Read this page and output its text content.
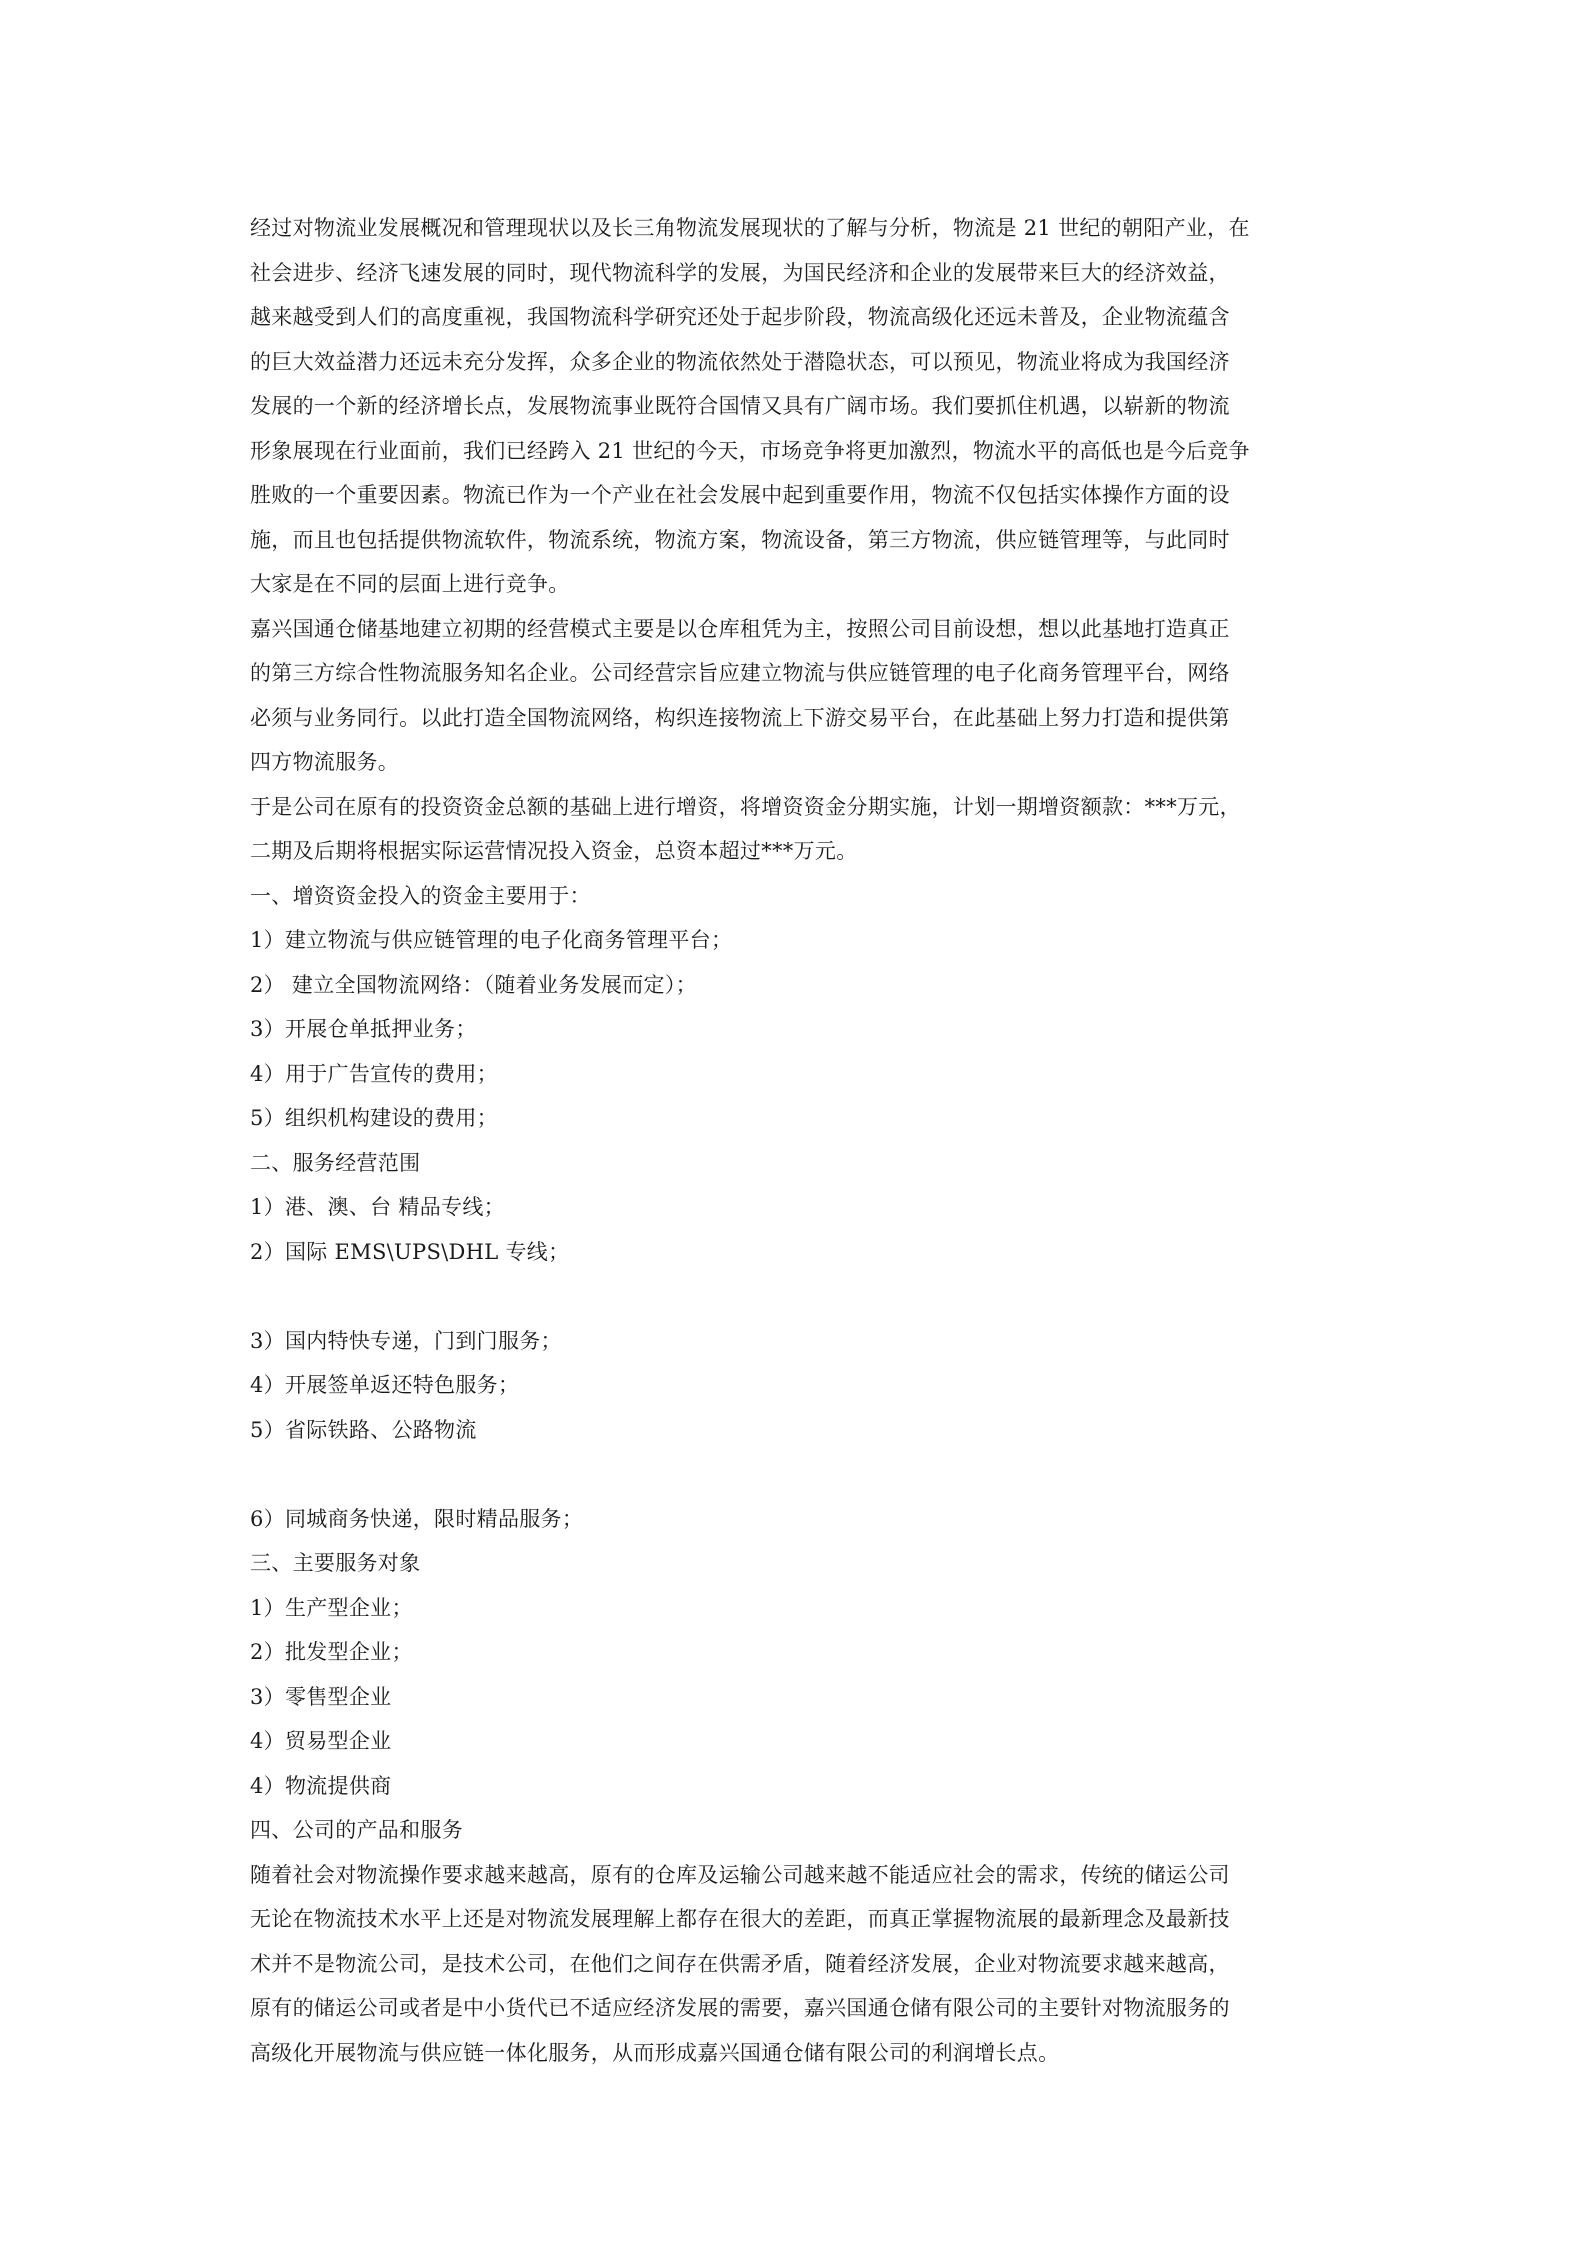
经过对物流业发展概况和管理现状以及长三角物流发展现状的了解与分析，物流是 21 世纪的朝阳产业，在
社会进步、经济飞速发展的同时，现代物流科学的发展，为国民经济和企业的发展带来巨大的经济效益，
越来越受到人们的高度重视，我国物流科学研究还处于起步阶段，物流高级化还远未普及，企业物流蕴含
的巨大效益潜力还远未充分发挥，众多企业的物流依然处于潜隐状态，可以预见，物流业将成为我国经济
发展的一个新的经济增长点，发展物流事业既符合国情又具有广阔市场。我们要抓住机遇，以崭新的物流
形象展现在行业面前，我们已经跨入 21 世纪的今天，市场竞争将更加激烈，物流水平的高低也是今后竞争
胜败的一个重要因素。物流已作为一个产业在社会发展中起到重要作用，物流不仅包括实体操作方面的设
施，而且也包括提供物流软件，物流系统，物流方案，物流设备，第三方物流，供应链管理等，与此同时
大家是在不同的层面上进行竞争。
嘉兴国通仓储基地建立初期的经营模式主要是以仓库租凭为主，按照公司目前设想，想以此基地打造真正
的第三方综合性物流服务知名企业。公司经营宗旨应建立物流与供应链管理的电子化商务管理平台，网络
必须与业务同行。以此打造全国物流网络，构织连接物流上下游交易平台，在此基础上努力打造和提供第
四方物流服务。
于是公司在原有的投资资金总额的基础上进行增资，将增资资金分期实施，计划一期增资额款：***万元，
二期及后期将根据实际运营情况投入资金，总资本超过***万元。
一、增资资金投入的资金主要用于：
1）建立物流与供应链管理的电子化商务管理平台；
2） 建立全国物流网络：（随着业务发展而定）；
3）开展仓单抵押业务；
4）用于广告宣传的费用；
5）组织机构建设的费用；
二、服务经营范围
1）港、澳、台 精品专线；
2）国际 EMS\UPS\DHL 专线；
3）国内特快专递，门到门服务；
4）开展签单返还特色服务；
5）省际铁路、公路物流
6）同城商务快递，限时精品服务；
三、主要服务对象
1）生产型企业；
2）批发型企业；
3）零售型企业
4）贸易型企业
4）物流提供商
四、公司的产品和服务
随着社会对物流操作要求越来越高，原有的仓库及运输公司越来越不能适应社会的需求，传统的储运公司
无论在物流技术水平上还是对物流发展理解上都存在很大的差距，而真正掌握物流展的最新理念及最新技
术并不是物流公司，是技术公司，在他们之间存在供需矛盾，随着经济发展，企业对物流要求越来越高，
原有的储运公司或者是中小货代已不适应经济发展的需要，嘉兴国通仓储有限公司的主要针对物流服务的
高级化开展物流与供应链一体化服务，从而形成嘉兴国通仓储有限公司的利润增长点。
